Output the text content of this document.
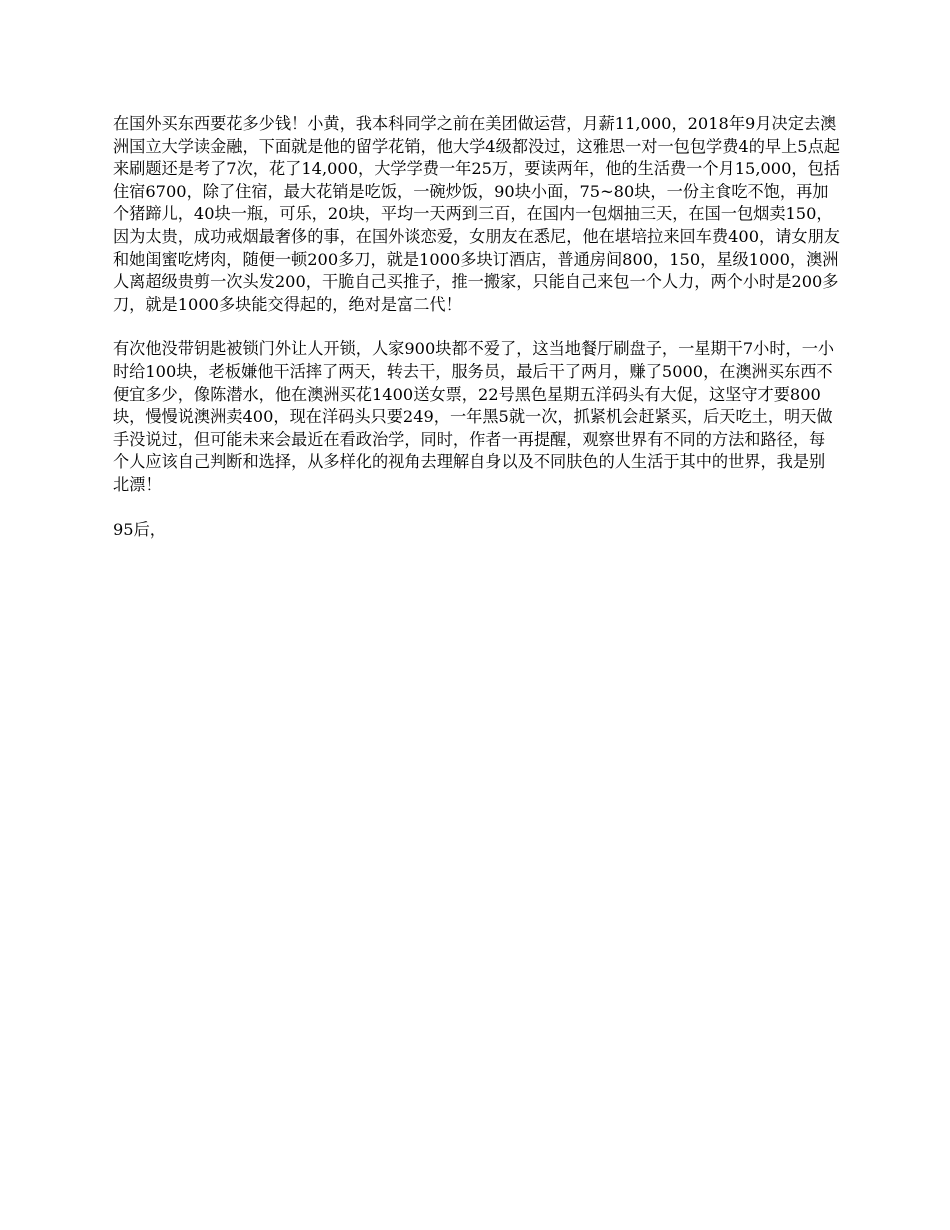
在国外买东西要花多少钱！小黄，我本科同学之前在美团做运营，月薪11,000，2018年9月决定去澳洲国立大学读金融，下面就是他的留学花销，他大学4级都没过，这雅思一对一包包学费4的早上5点起来刷题还是考了7次，花了14,000，大学学费一年25万，要读两年，他的生活费一个月15,000，包括住宿6700，除了住宿，最大花销是吃饭，一碗炒饭，90块小面，75~80块，一份主食吃不饱，再加个猪蹄儿，40块一瓶，可乐，20块，平均一天两到三百，在国内一包烟抽三天，在国一包烟卖150，因为太贵，成功戒烟最奢侈的事，在国外谈恋爱，女朋友在悉尼，他在堪培拉来回车费400，请女朋友和她闺蜜吃烤肉，随便一顿200多刀，就是1000多块订酒店，普通房间800，150，星级1000，澳洲人离超级贵剪一次头发200，干脆自己买推子，推一搬家，只能自己来包一个人力，两个小时是200多刀，就是1000多块能交得起的，绝对是富二代！

有次他没带钥匙被锁门外让人开锁，人家900块都不爱了，这当地餐厅刷盘子，一星期干7小时，一小时给100块，老板嫌他干活摔了两天，转去干，服务员，最后干了两月，赚了5000，在澳洲买东西不便宜多少，像陈潜水，他在澳洲买花1400送女票，22号黑色星期五洋码头有大促，这坚守才要800块，慢慢说澳洲卖400，现在洋码头只要249，一年黑5就一次，抓紧机会赶紧买，后天吃土，明天做手没说过，但可能未来会最近在看政治学，同时，作者一再提醒，观察世界有不同的方法和路径，每个人应该自己判断和选择，从多样化的视角去理解自身以及不同肤色的人生活于其中的世界，我是别北漂！

95后，
